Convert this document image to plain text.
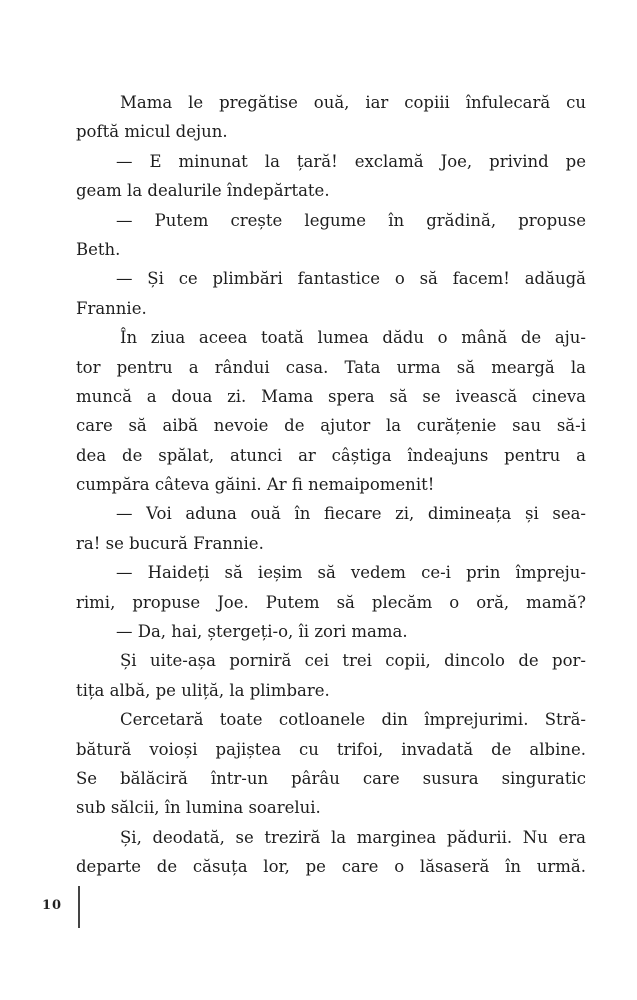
Mama le pregătise ouă, iar copiii înfulecară cu
poftă micul dejun.
— E minunat la țară! exclamă Joe, privind pe
geam la dealurile îndepărtate.
— Putem crește legume în grădină, propuse
Beth.
— Și ce plimbări fantastice o să facem! adăugă
Frannie.
În ziua aceea toată lumea dădu o mână de aju-
tor pentru a rândui casa. Tata urma să meargă la
muncă a doua zi. Mama spera să se ivească cineva
care să aibă nevoie de ajutor la curățenie sau să-i
dea de spălat, atunci ar câștiga îndeajuns pentru a
cumpăra câteva găini. Ar fi nemaipomenit!
— Voi aduna ouă în fiecare zi, dimineața și sea-
ra! se bucură Frannie.
— Haideți să ieșim să vedem ce-i prin împreju-
rimi, propuse Joe. Putem să plecăm o oră, mamă?
— Da, hai, ștergeți-o, îi zori mama.
Și uite-așa porniră cei trei copii, dincolo de por-
tița albă, pe uliță, la plimbare.
Cercetară toate cotloanele din împrejurimi. Stră-
bătură voioși pajiștea cu trifoi, invadată de albine.
Se bălăciră într-un pârâu care susura singuratic
sub sălcii, în lumina soarelui.
Și, deodată, se treziră la marginea pădurii. Nu era
departe de căsuța lor, pe care o lăsaseră în urmă.
10
